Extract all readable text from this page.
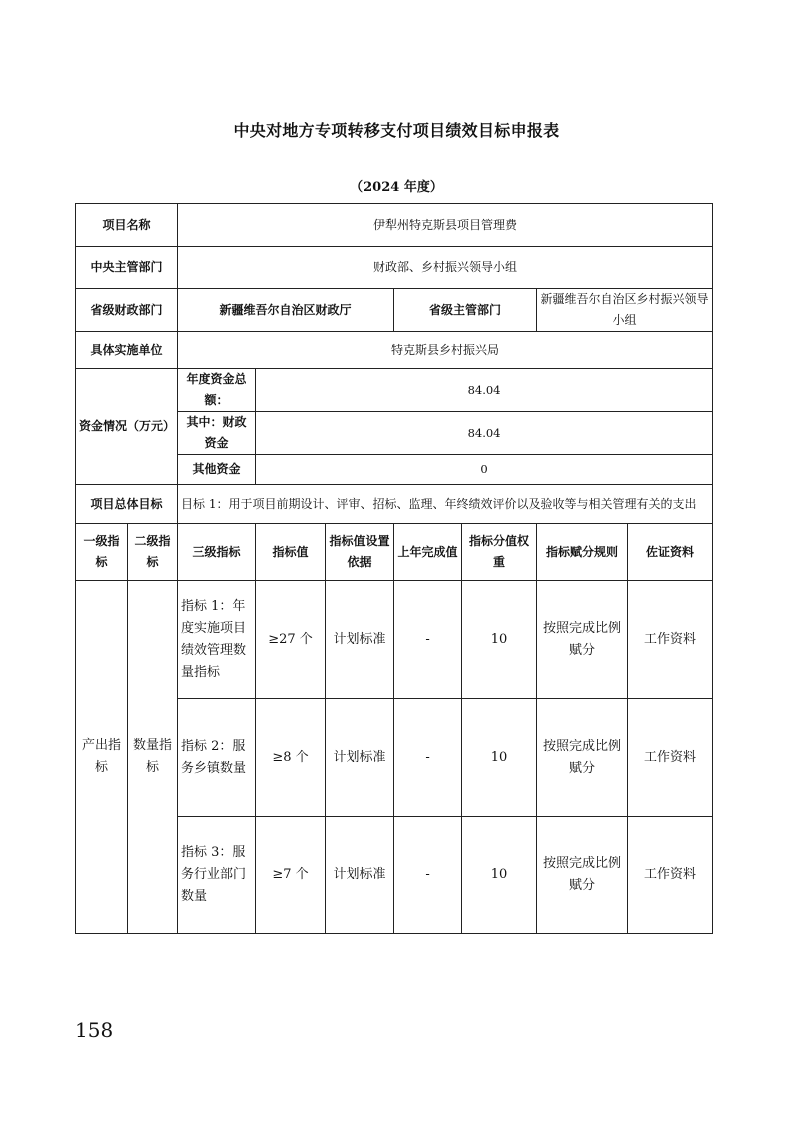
中央对地方专项转移支付项目绩效目标申报表
（2024 年度）
项目名称		伊犁州特克斯县项目管理费						
中央主管部门		财政部、乡村振兴领导小组						
省级财政部门		新疆维吾尔自治区财政厅			省级主管部门		新疆维吾尔自治区乡村振兴领导小组	
具体实施单位		特克斯县乡村振兴局						
资金情况（万元）		年度资金总额：	84.04					
		其中：财政资金	84.04					
		其他资金	0					
项目总体目标		目标 1：用于项目前期设计、评审、招标、监理、年终绩效评价以及验收等与相关管理有关的支出						
一级指标	二级指标	三级指标	指标值	指标值设置依据	上年完成值	指标分值权重	指标赋分规则	佐证资料
产出指标	数量指标	指标 1：年度实施项目绩效管理数量指标	≥27 个	计划标准	-	10	按照完成比例赋分	工作资料
		指标 2：服务乡镇数量	≥8 个	计划标准	-	10	按照完成比例赋分	工作资料
		指标 3：服务行业部门数量	≥7 个	计划标准	-	10	按照完成比例赋分	工作资料
158
